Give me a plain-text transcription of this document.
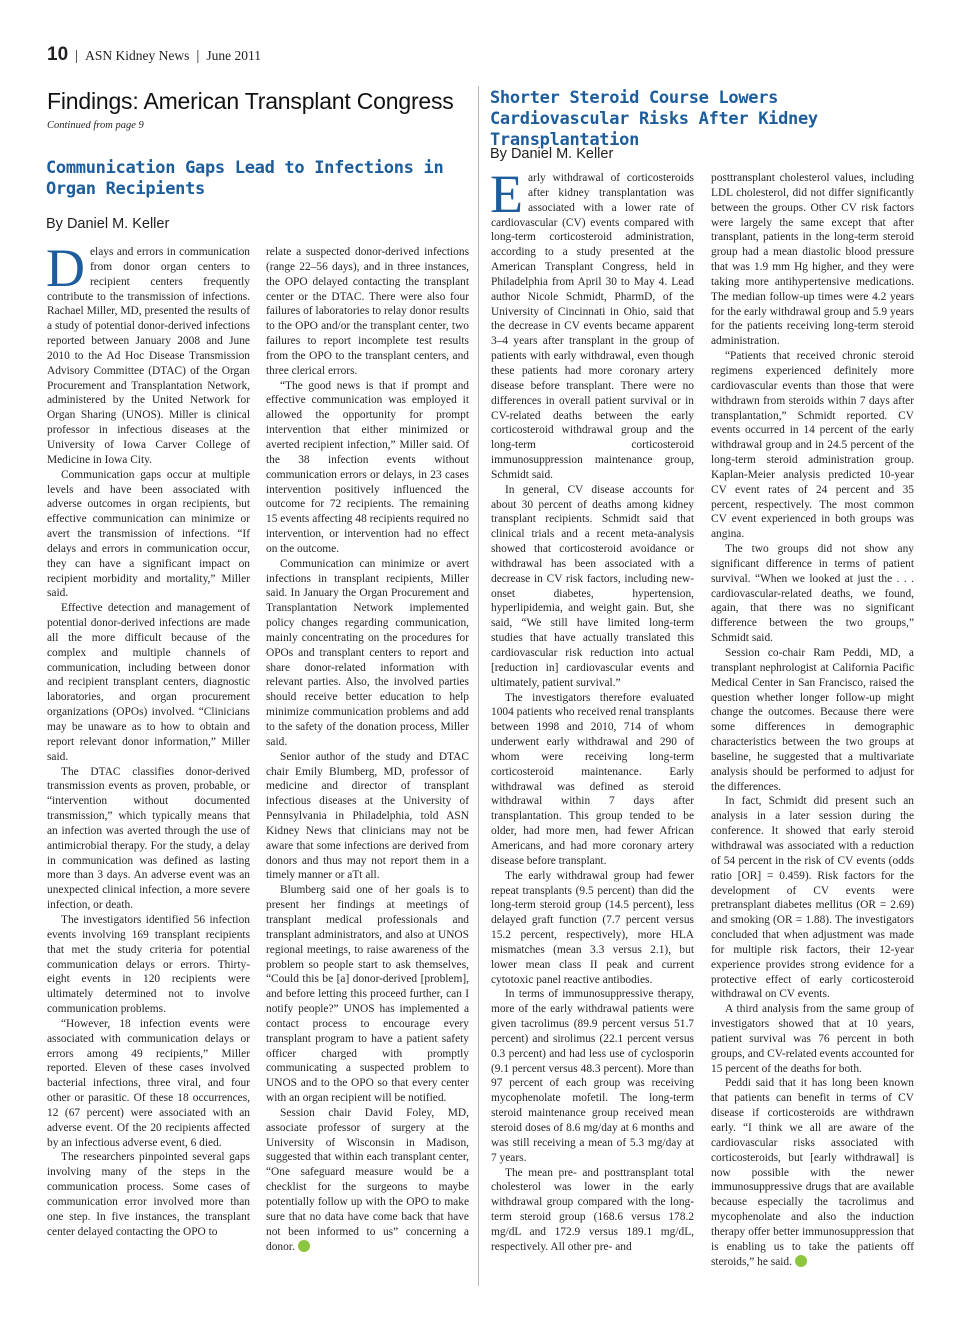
10 | ASN Kidney News | June 2011
Findings: American Transplant Congress
Continued from page 9
Communication Gaps Lead to Infections in Organ Recipients
By Daniel M. Keller

Delays and errors in communication from donor organ centers to recipient centers frequently contribute to the transmission of infections. Rachael Miller, MD, presented the results of a study of potential donor-derived infections reported between January 2008 and June 2010 to the Ad Hoc Disease Transmission Advisory Committee (DTAC) of the Organ Procurement and Transplantation Network, administered by the United Network for Organ Sharing (UNOS). Miller is clinical professor in infectious diseases at the University of Iowa Carver College of Medicine in Iowa City.

Communication gaps occur at multiple levels and have been associated with adverse outcomes in organ recipients, but effective communication can minimize or avert the transmission of infections. “If delays and errors in communication occur, they can have a significant impact on recipient morbidity and mortality,” Miller said.

Effective detection and management of potential donor-derived infections are made all the more difficult because of the complex and multiple channels of communication, including between donor and recipient transplant centers, diagnostic laboratories, and organ procurement organizations (OPOs) involved. “Clinicians may be unaware as to how to obtain and report relevant donor information,” Miller said.

The DTAC classifies donor-derived transmission events as proven, probable, or “intervention without documented transmission,” which typically means that an infection was averted through the use of antimicrobial therapy. For the study, a delay in communication was defined as lasting more than 3 days. An adverse event was an unexpected clinical infection, a more severe infection, or death.

The investigators identified 56 infection events involving 169 transplant recipients that met the study criteria for potential communication delays or errors. Thirty-eight events in 120 recipients were ultimately determined not to involve communication problems.

“However, 18 infection events were associated with communication delays or errors among 49 recipients,” Miller reported. Eleven of these cases involved bacterial infections, three viral, and four other or parasitic. Of these 18 occurrences, 12 (67 percent) were associated with an adverse event. Of the 20 recipients affected by an infectious adverse event, 6 died.

The researchers pinpointed several gaps involving many of the steps in the communication process. Some cases of communication error involved more than one step. In five instances, the transplant center delayed contacting the OPO to

relate a suspected donor-derived infections (range 22–56 days), and in three instances, the OPO delayed contacting the transplant center or the DTAC. There were also four failures of laboratories to relay donor results to the OPO and/or the transplant center, two failures to report incomplete test results from the OPO to the transplant centers, and three clerical errors.

“The good news is that if prompt and effective communication was employed it allowed the opportunity for prompt intervention that either minimized or averted recipient infection,” Miller said. Of the 38 infection events without communication errors or delays, in 23 cases intervention positively influenced the outcome for 72 recipients. The remaining 15 events affecting 48 recipients required no intervention, or intervention had no effect on the outcome.

Communication can minimize or avert infections in transplant recipients, Miller said. In January the Organ Procurement and Transplantation Network implemented policy changes regarding communication, mainly concentrating on the procedures for OPOs and transplant centers to report and share donor-related information with relevant parties. Also, the involved parties should receive better education to help minimize communication problems and add to the safety of the donation process, Miller said.

Senior author of the study and DTAC chair Emily Blumberg, MD, professor of medicine and director of transplant infectious diseases at the University of Pennsylvania in Philadelphia, told ASN Kidney News that clinicians may not be aware that some infections are derived from donors and thus may not report them in a timely manner or aTt all.

Blumberg said one of her goals is to present her findings at meetings of transplant medical professionals and transplant administrators, and also at UNOS regional meetings, to raise awareness of the problem so people start to ask themselves, “Could this be [a] donor-derived [problem], and before letting this proceed further, can I notify people?” UNOS has implemented a contact process to encourage every transplant program to have a patient safety officer charged with promptly communicating a suspected problem to UNOS and to the OPO so that every center with an organ recipient will be notified.

Session chair David Foley, MD, associate professor of surgery at the University of Wisconsin in Madison, suggested that within each transplant center, “One safeguard measure would be a checklist for the surgeons to maybe potentially follow up with the OPO to make sure that no data have come back that have not been informed to us” concerning a donor.

Shorter Steroid Course Lowers Cardiovascular Risks After Kidney Transplantation
By Daniel M. Keller

Early withdrawal of corticosteroids after kidney transplantation was associated with a lower rate of cardiovascular (CV) events compared with long-term corticosteroid administration, according to a study presented at the American Transplant Congress, held in Philadelphia from April 30 to May 4. Lead author Nicole Schmidt, PharmD, of the University of Cincinnati in Ohio, said that the decrease in CV events became apparent 3–4 years after transplant in the group of patients with early withdrawal, even though these patients had more coronary artery disease before transplant. There were no differences in overall patient survival or in CV-related deaths between the early corticosteroid withdrawal group and the long-term corticosteroid immunosuppression maintenance group, Schmidt said.

In general, CV disease accounts for about 30 percent of deaths among kidney transplant recipients. Schmidt said that clinical trials and a recent meta-analysis showed that corticosteroid avoidance or withdrawal has been associated with a decrease in CV risk factors, including new-onset diabetes, hypertension, hyperlipidemia, and weight gain. But, she said, “We still have limited long-term studies that have actually translated this cardiovascular risk reduction into actual [reduction in] cardiovascular events and ultimately, patient survival.”

The investigators therefore evaluated 1004 patients who received renal transplants between 1998 and 2010, 714 of whom underwent early withdrawal and 290 of whom were receiving long-term corticosteroid maintenance. Early withdrawal was defined as steroid withdrawal within 7 days after transplantation. This group tended to be older, had more men, had fewer African Americans, and had more coronary artery disease before transplant.

The early withdrawal group had fewer repeat transplants (9.5 percent) than did the long-term steroid group (14.5 percent), less delayed graft function (7.7 percent versus 15.2 percent, respectively), more HLA mismatches (mean 3.3 versus 2.1), but lower mean class II peak and current cytotoxic panel reactive antibodies.

In terms of immunosuppressive therapy, more of the early withdrawal patients were given tacrolimus (89.9 percent versus 51.7 percent) and sirolimus (22.1 percent versus 0.3 percent) and had less use of cyclosporin (9.1 percent versus 48.3 percent). More than 97 percent of each group was receiving mycophenolate mofetil. The long-term steroid maintenance group received mean steroid doses of 8.6 mg/day at 6 months and was still receiving a mean of 5.3 mg/day at 7 years.

The mean pre- and posttransplant total cholesterol was lower in the early withdrawal group compared with the long-term steroid group (168.6 versus 178.2 mg/dL and 172.9 versus 189.1 mg/dL, respectively. All other pre- and

posttransplant cholesterol values, including LDL cholesterol, did not differ significantly between the groups. Other CV risk factors were largely the same except that after transplant, patients in the long-term steroid group had a mean diastolic blood pressure that was 1.9 mm Hg higher, and they were taking more antihypertensive medications. The median follow-up times were 4.2 years for the early withdrawal group and 5.9 years for the patients receiving long-term steroid administration.

“Patients that received chronic steroid regimens experienced definitely more cardiovascular events than those that were withdrawn from steroids within 7 days after transplantation,” Schmidt reported. CV events occurred in 14 percent of the early withdrawal group and in 24.5 percent of the long-term steroid administration group. Kaplan-Meier analysis predicted 10-year CV event rates of 24 percent and 35 percent, respectively. The most common CV event experienced in both groups was angina.

The two groups did not show any significant difference in terms of patient survival. “When we looked at just the . . . cardiovascular-related deaths, we found, again, that there was no significant difference between the two groups,” Schmidt said.

Session co-chair Ram Peddi, MD, a transplant nephrologist at California Pacific Medical Center in San Francisco, raised the question whether longer follow-up might change the outcomes. Because there were some differences in demographic characteristics between the two groups at baseline, he suggested that a multivariate analysis should be performed to adjust for the differences.

In fact, Schmidt did present such an analysis in a later session during the conference. It showed that early steroid withdrawal was associated with a reduction of 54 percent in the risk of CV events (odds ratio [OR] = 0.459). Risk factors for the development of CV events were pretransplant diabetes mellitus (OR = 2.69) and smoking (OR = 1.88). The investigators concluded that when adjustment was made for multiple risk factors, their 12-year experience provides strong evidence for a protective effect of early corticosteroid withdrawal on CV events.

A third analysis from the same group of investigators showed that at 10 years, patient survival was 76 percent in both groups, and CV-related events accounted for 15 percent of the deaths for both.

Peddi said that it has long been known that patients can benefit in terms of CV disease if corticosteroids are withdrawn early. “I think we all are aware of the cardiovascular risks associated with corticosteroids, but [early withdrawal] is now possible with the newer immunosuppressive drugs that are available because especially the tacrolimus and mycophenolate and also the induction therapy offer better immunosuppression that is enabling us to take the patients off steroids,” he said.
